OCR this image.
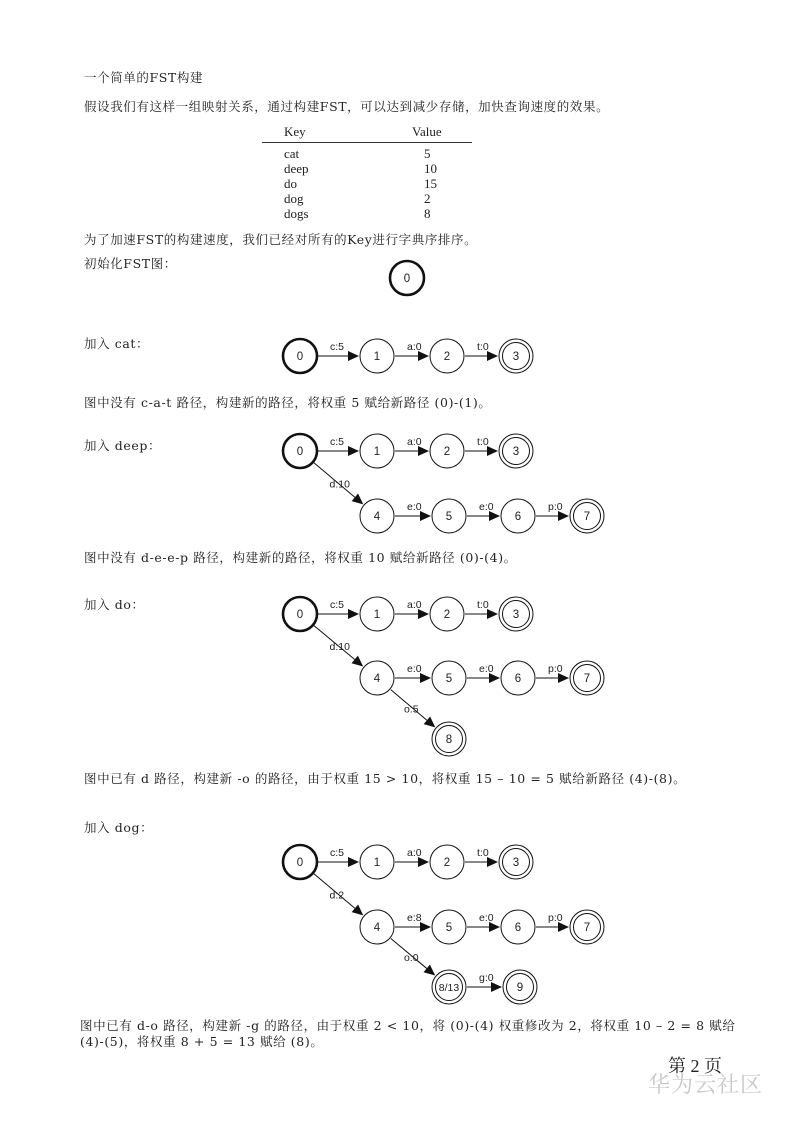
一个简单的FST构建
假设我们有这样一组映射关系，通过构建FST，可以达到减少存储，加快查询速度的效果。
Key	Value
cat	5
deep	10
do	15
dog	2
dogs	8
为了加速FST的构建速度，我们已经对所有的Key进行字典序排序。
初始化FST图：
0
加入 cat：	c:5	a:0	t:0
0	1	2	3
图中没有 c-a-t 路径，构建新的路径，将权重 5 赋给新路径 (0)-(1)。
加入 deep：	c:5	a:0	t:0
d:10
e:0	e:0	p:0
0	1	2	3
4	5	6	7
图中没有 d-e-e-p 路径，构建新的路径，将权重 10 赋给新路径 (0)-(4)。
加入 do：	c:5	a:0	t:0
d:10
e:0	e:0	p:0
o:5
0	1	2	3
4	5	6	7
8
图中已有 d 路径，构建新 -o 的路径，由于权重 15 > 10，将权重 15 – 10 = 5 赋给新路径 (4)-(8)。
加入 dog：
c:5	a:0	t:0
d:2
e:8	e:0	p:0
o:0
g:0
0	1	2	3
4	5	6	7
8/13	9
图中已有 d-o 路径，构建新 -g 的路径，由于权重 2 < 10，将 (0)-(4) 权重修改为 2，将权重 10 – 2 = 8 赋给
(4)-(5)，将权重 8 + 5 = 13 赋给 (8)。
第 2 页
华为云社区
